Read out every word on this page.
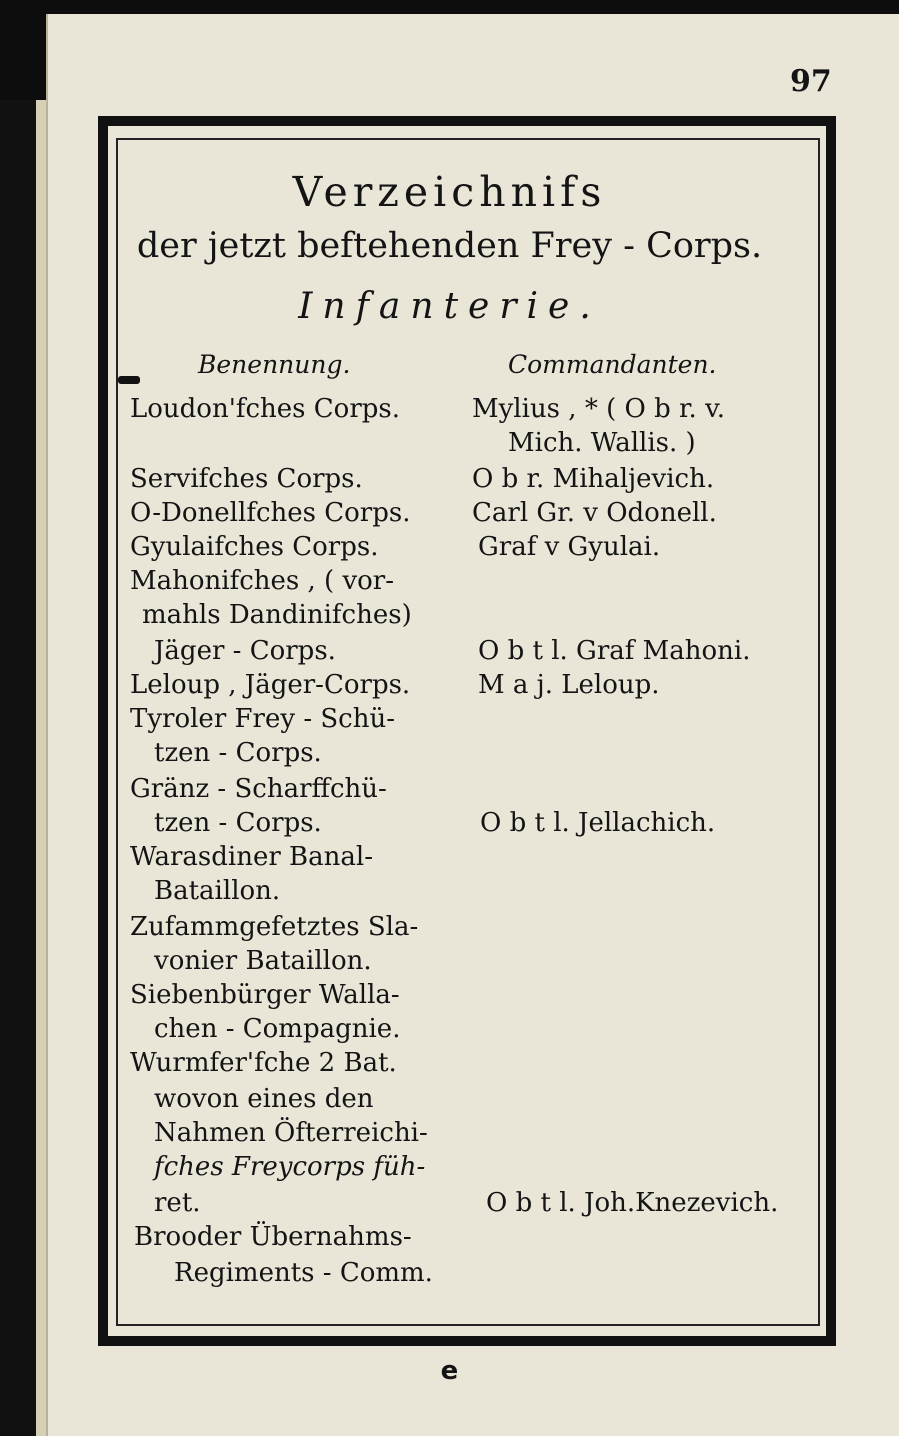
97
Verzeichnifs
der jetzt beftehenden Frey - Corps.
Infanterie.
Benennung.	Commandanten.
Loudon'fches Corps.	Mylius , * ( O b r. v.
Mich. Wallis. )
Servifches Corps.	O b r. Mihaljevich.
O-Donellfches Corps. Carl Gr. v Odonell.
Gyulaifches Corps.	Graf v Gyulai.
Mahonifches , ( vor-
mahls Dandinifches)
Jäger - Corps.	O b t l. Graf Mahoni.
Leloup , Jäger-Corps.	M a j. Leloup.
Tyroler Frey - Schü-
tzen - Corps.
Gränz - Scharffchü-
tzen - Corps.	O b t l. Jellachich.
Warasdiner Banal-
Bataillon.
Zufammgefetztes Sla-
vonier Bataillon.
Siebenbürger Walla-
chen - Compagnie.
Wurmfer'fche 2 Bat.
wovon eines den
Nahmen Öfterreichi-
fches Freycorps füh-
ret.	O b t l. Joh.Knezevich.
Brooder Übernahms-
Regiments - Comm.
e
